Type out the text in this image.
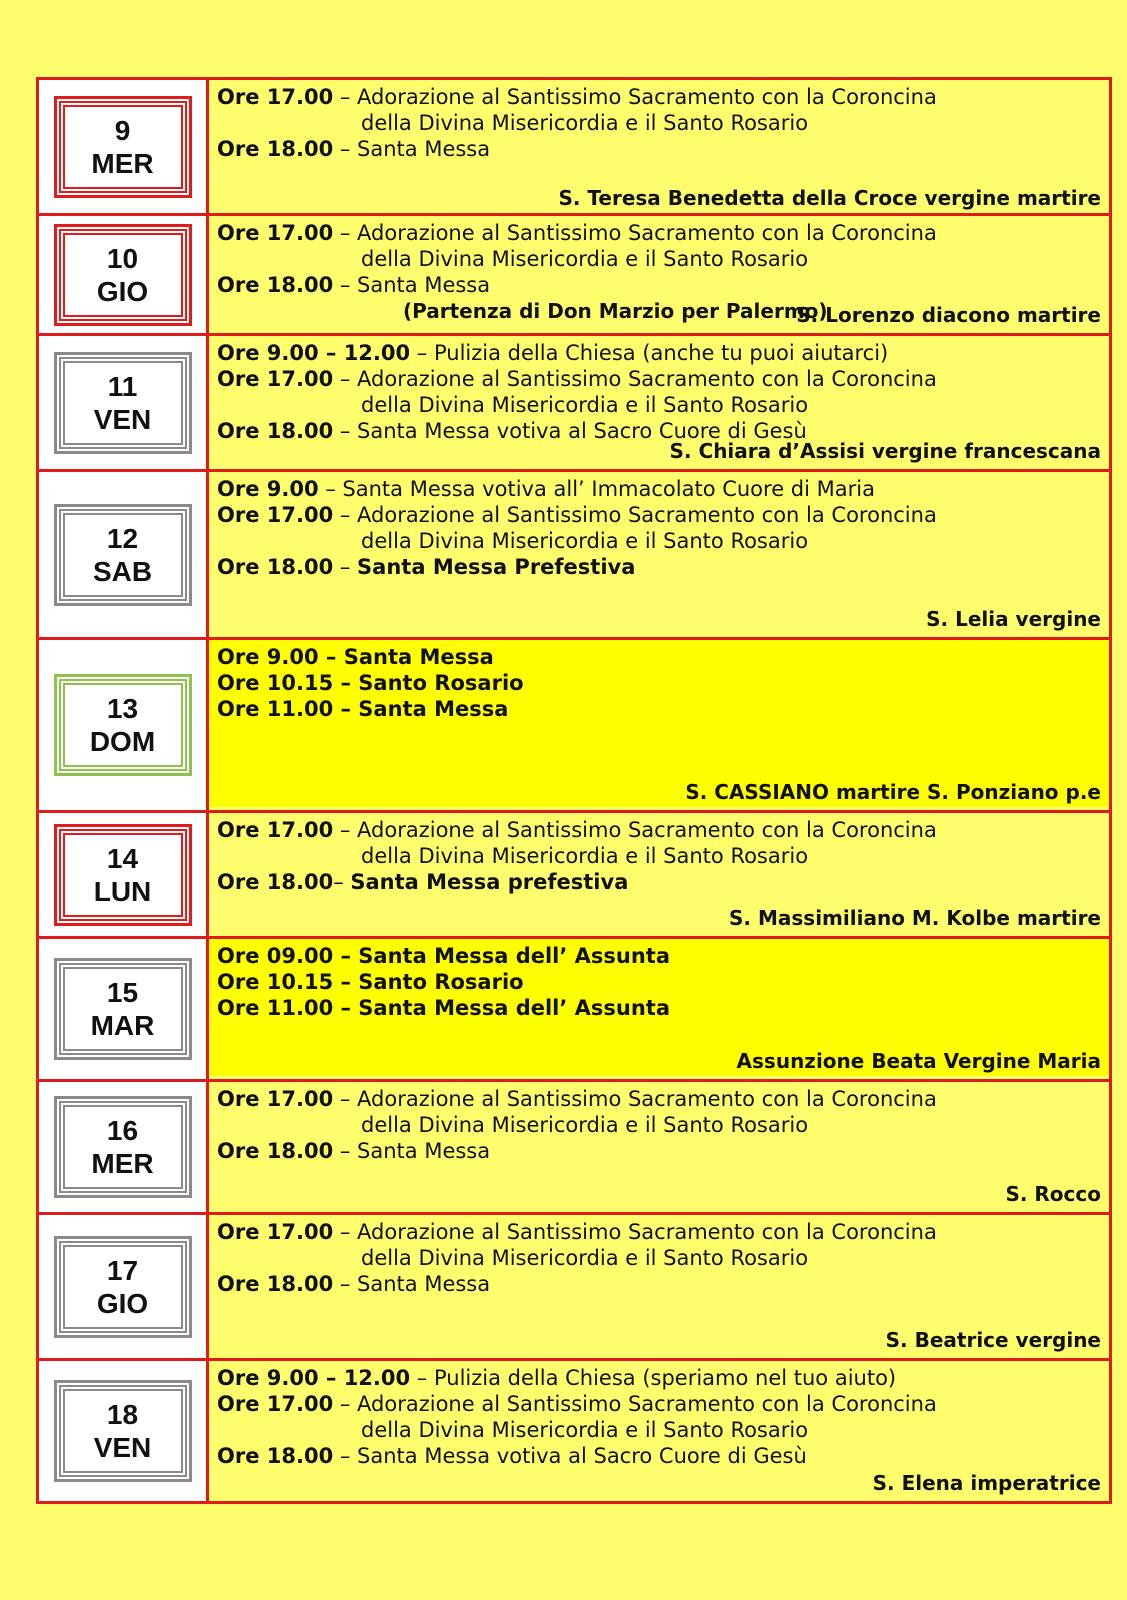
9
MER
Ore 17.00 – Adorazione al Santissimo Sacramento con la Coroncina
della Divina Misericordia e il Santo Rosario
Ore 18.00 – Santa Messa
S. Teresa Benedetta della Croce vergine martire
10
GIO
Ore 17.00 – Adorazione al Santissimo Sacramento con la Coroncina
della Divina Misericordia e il Santo Rosario
Ore 18.00 – Santa Messa
(Partenza di Don Marzio per Palermo)
S. Lorenzo diacono martire
11
VEN
Ore 9.00 – 12.00 – Pulizia della Chiesa (anche tu puoi aiutarci)
Ore 17.00 – Adorazione al Santissimo Sacramento con la Coroncina
della Divina Misericordia e il Santo Rosario
Ore 18.00 – Santa Messa votiva al Sacro Cuore di Gesù
S. Chiara d’Assisi vergine francescana
12
SAB
Ore 9.00 – Santa Messa votiva all’ Immacolato Cuore di Maria
Ore 17.00 – Adorazione al Santissimo Sacramento con la Coroncina
della Divina Misericordia e il Santo Rosario
Ore 18.00 – Santa Messa Prefestiva
S. Lelia vergine
13
DOM
Ore 9.00 – Santa Messa
Ore 10.15 – Santo Rosario
Ore 11.00 – Santa Messa
S. CASSIANO martire S. Ponziano p.e
14
LUN
Ore 17.00 – Adorazione al Santissimo Sacramento con la Coroncina
della Divina Misericordia e il Santo Rosario
Ore 18.00– Santa Messa prefestiva
S. Massimiliano M. Kolbe martire
15
MAR
Ore 09.00 – Santa Messa dell’ Assunta
Ore 10.15 – Santo Rosario
Ore 11.00 – Santa Messa dell’ Assunta
Assunzione Beata Vergine Maria
16
MER
Ore 17.00 – Adorazione al Santissimo Sacramento con la Coroncina
della Divina Misericordia e il Santo Rosario
Ore 18.00 – Santa Messa
S. Rocco
17
GIO
Ore 17.00 – Adorazione al Santissimo Sacramento con la Coroncina
della Divina Misericordia e il Santo Rosario
Ore 18.00 – Santa Messa
S. Beatrice vergine
18
VEN
Ore 9.00 – 12.00 – Pulizia della Chiesa (speriamo nel tuo aiuto)
Ore 17.00 – Adorazione al Santissimo Sacramento con la Coroncina
della Divina Misericordia e il Santo Rosario
Ore 18.00 – Santa Messa votiva al Sacro Cuore di Gesù
S. Elena imperatrice
